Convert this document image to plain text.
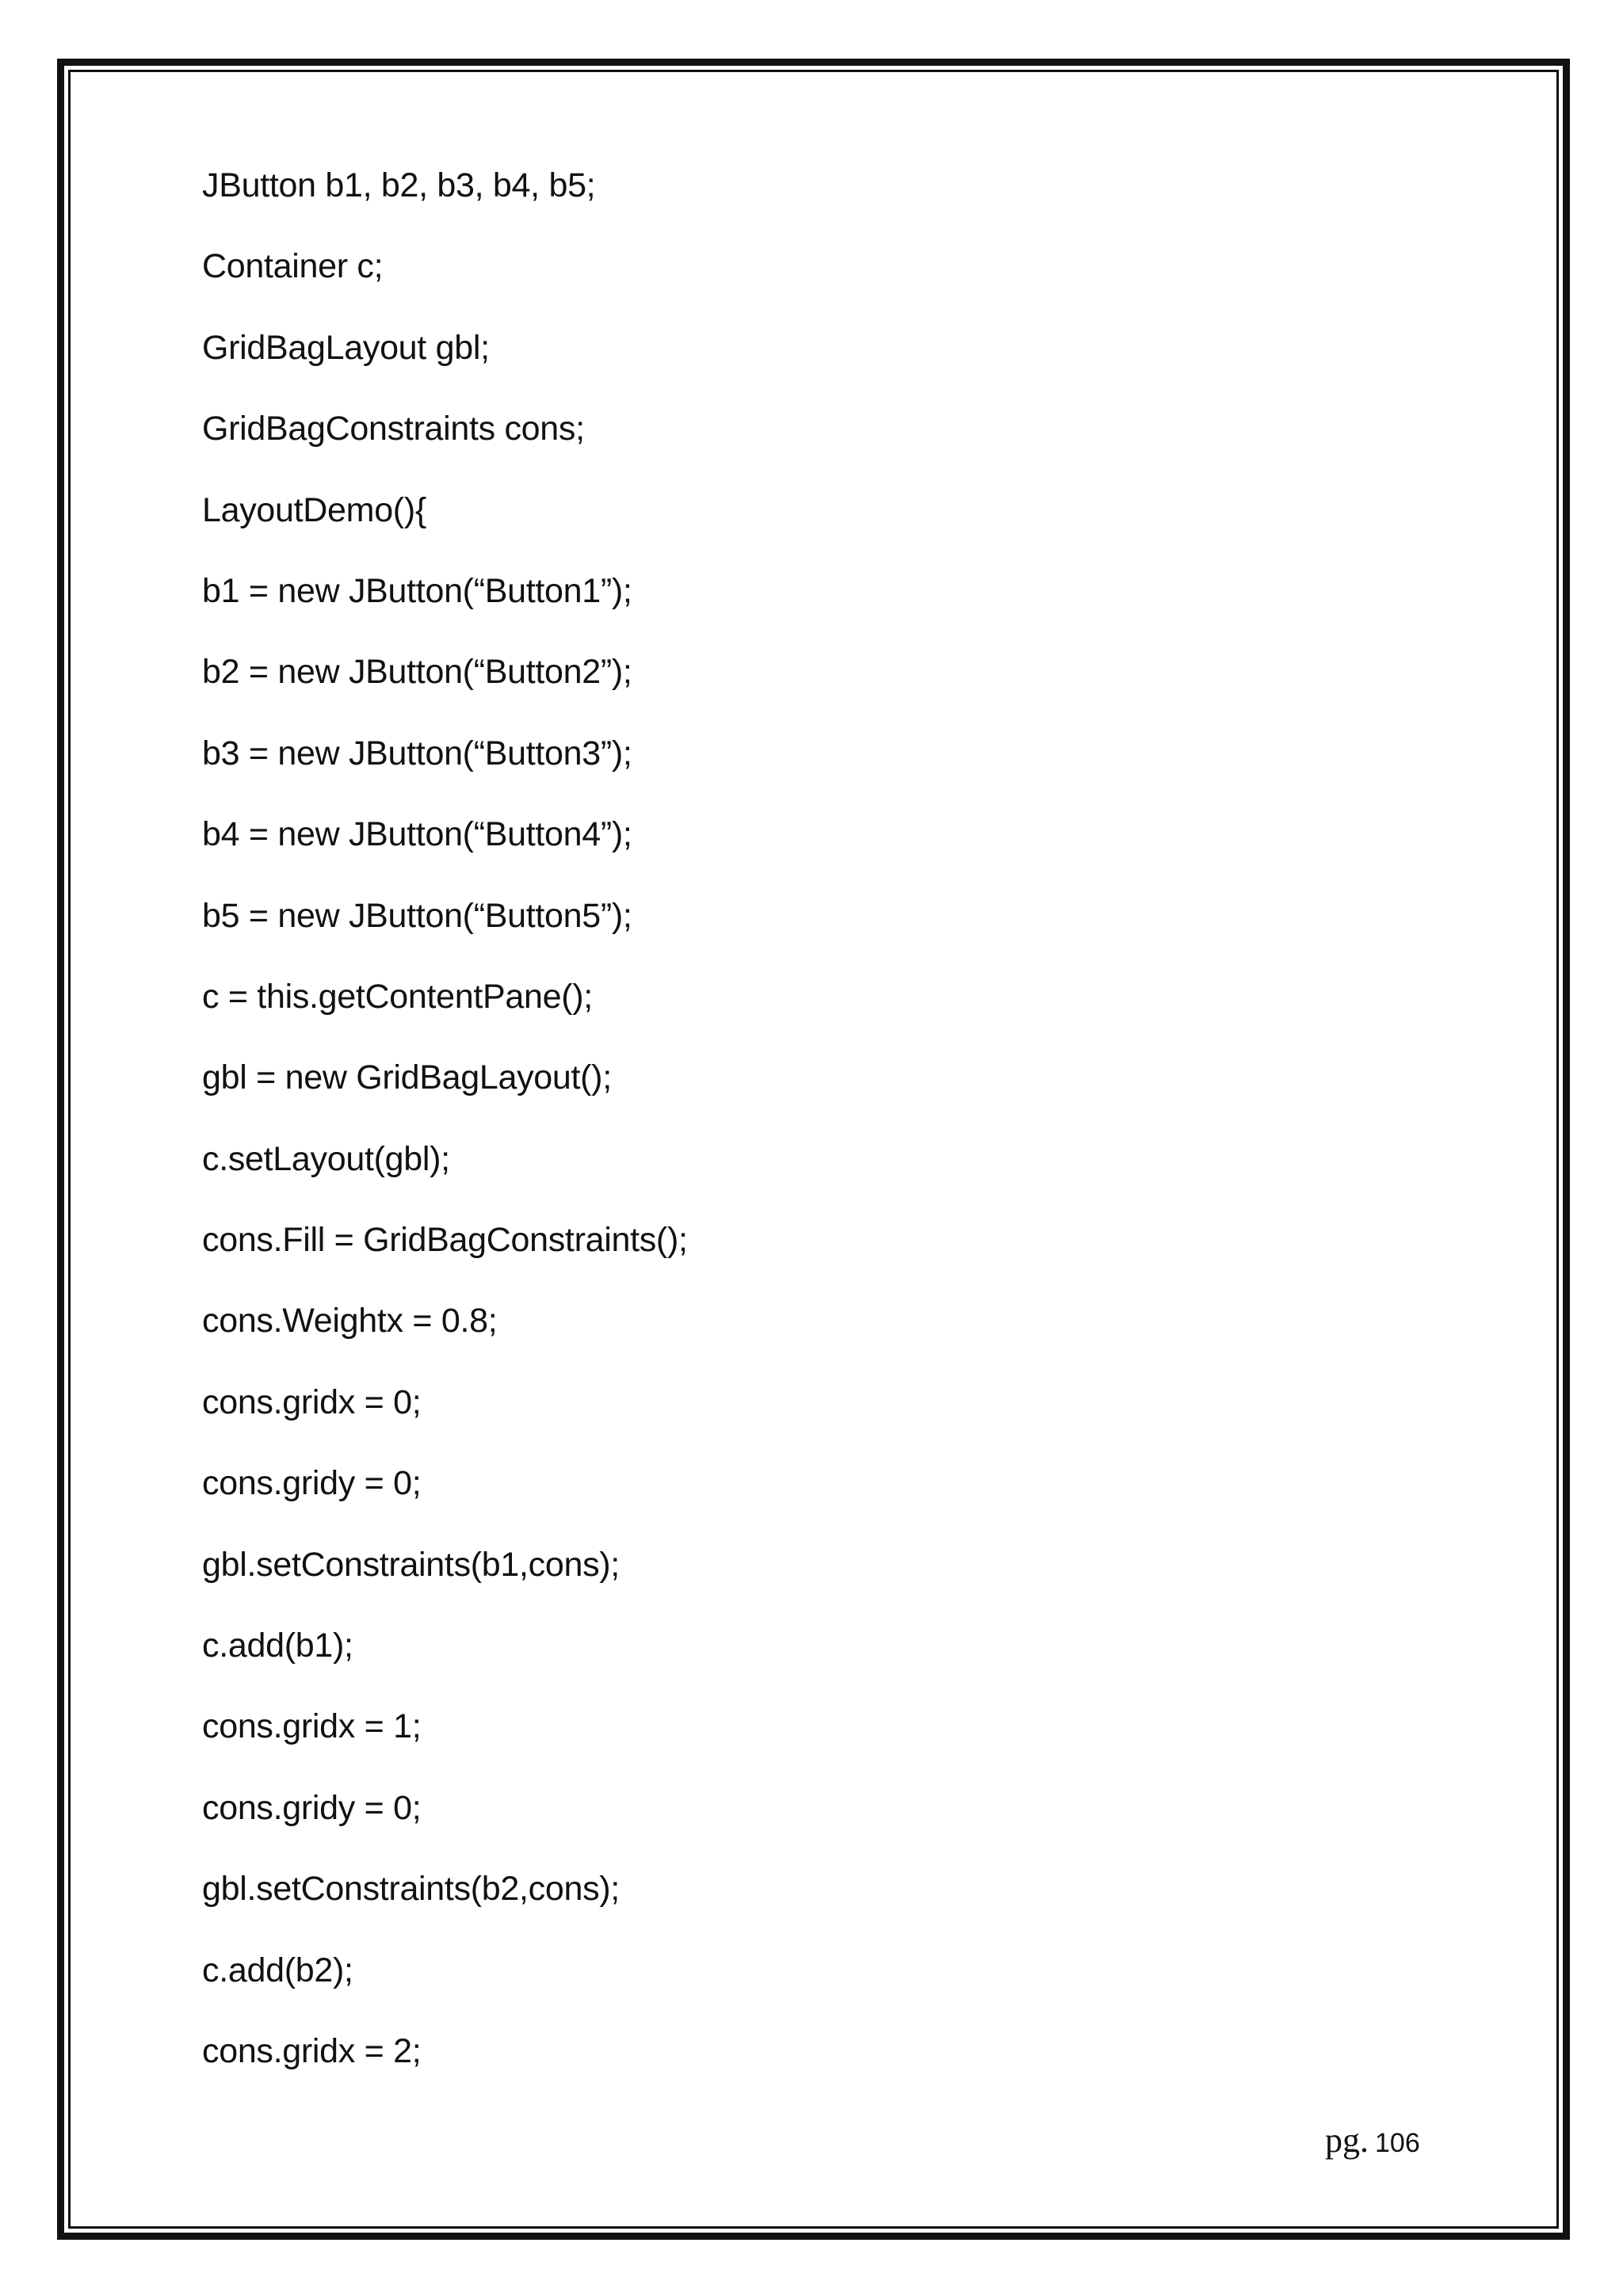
JButton b1, b2, b3, b4, b5;
Container c;
GridBagLayout gbl;
GridBagConstraints cons;
LayoutDemo(){
b1 = new JButton(“Button1”);
b2 = new JButton(“Button2”);
b3 = new JButton(“Button3”);
b4 = new JButton(“Button4”);
b5 = new JButton(“Button5”);
c = this.getContentPane();
gbl = new GridBagLayout();
c.setLayout(gbl);
cons.Fill = GridBagConstraints();
cons.Weightx = 0.8;
cons.gridx = 0;
cons.gridy = 0;
gbl.setConstraints(b1,cons);
c.add(b1);
cons.gridx = 1;
cons.gridy = 0;
gbl.setConstraints(b2,cons);
c.add(b2);
cons.gridx = 2;
pg. 106
